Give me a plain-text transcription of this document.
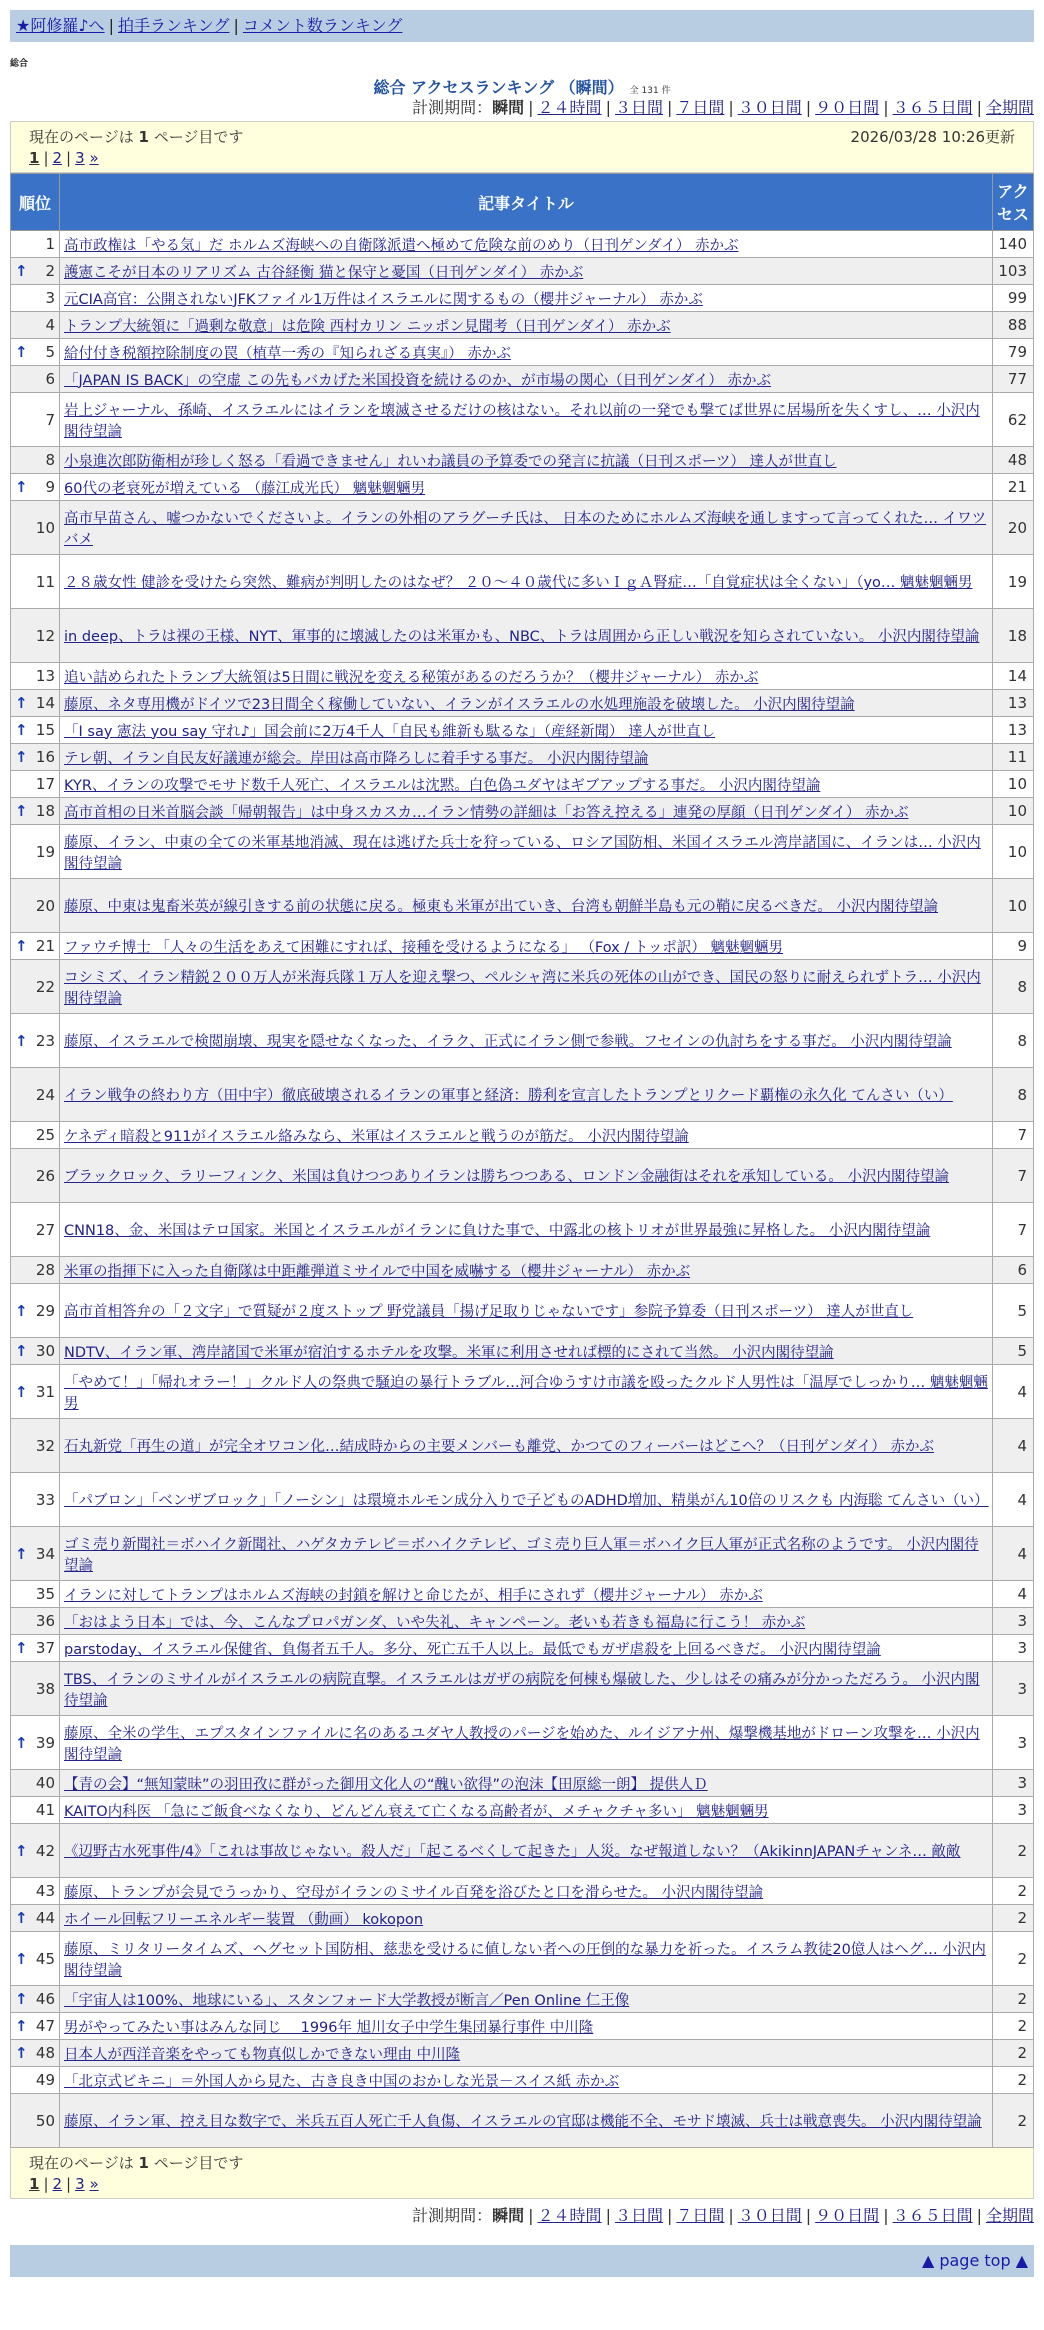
★阿修羅♪へ | 拍手ランキング | コメント数ランキング
総合
総合 アクセスランキング （瞬間） 全 131 件
計測期間：瞬間 | ２４時間 | ３日間 | ７日間 | ３０日間 | ９０日間 | ３６５日間 | 全期間
現在のページは 1 ページ目です	2026/03/28 10:26更新
1 | 2 | 3 »
順位	記事タイトル	アクセス
1	高市政権は「やる気」だ ホルムズ海峡への自衛隊派遣へ極めて危険な前のめり（日刊ゲンダイ） 赤かぶ	140

↑ 2	護憲こそが日本のリアリズム 古谷経衡 猫と保守と憂国（日刊ゲンダイ） 赤かぶ	103
3	元CIA高官：公開されないJFKファイル1万件はイスラエルに関するもの（櫻井ジャーナル） 赤かぶ	99
4	トランプ大統領に「過剰な敬意」は危険 西村カリン ニッポン見聞考（日刊ゲンダイ） 赤かぶ	88

↑ 5	給付付き税額控除制度の罠（植草一秀の『知られざる真実』） 赤かぶ	79
6	「JAPAN IS BACK」の空虚 この先もバカげた米国投資を続けるのか、が市場の関心（日刊ゲンダイ） 赤かぶ	77
7	岩上ジャーナル、孫崎、イスラエルにはイランを壊滅させるだけの核はない。それ以前の一発でも撃てば世界に居場所を失くすし、… 小沢内閣待望論	62
8	小泉進次郎防衛相が珍しく怒る「看過できません」れいわ議員の予算委での発言に抗議（日刊スポーツ） 達人が世直し	48

↑ 9	60代の老衰死が増えている （藤江成光氏） 魑魅魍魎男	21
10	高市早苗さん、嘘つかないでくださいよ。イランの外相のアラグーチ氏は、 日本のためにホルムズ海峡を通しますって言ってくれた… イワツバメ	20
11	２８歳女性 健診を受けたら突然、難病が判明したのはなぜ？ ２０〜４０歳代に多いＩｇＡ腎症…「自覚症状は全くない」（yo… 魑魅魍魎男	19
12	in deep、トラは裸の王様、NYT、軍事的に壊滅したのは米軍かも、NBC、トラは周囲から正しい戦況を知らされていない。 小沢内閣待望論	18
13	追い詰められたトランプ大統領は5日間に戦況を変える秘策があるのだろうか？（櫻井ジャーナル） 赤かぶ	14

↑ 14	藤原、ネタ専用機がドイツで23日間全く稼働していない、イランがイスラエルの水処理施設を破壊した。 小沢内閣待望論	13

↑ 15	「I say 憲法 you say 守れ♪」国会前に2万4千人「自民も維新も駄るな」（産経新聞） 達人が世直し	13

↑ 16	テレ朝、イラン自民友好議連が総会。岸田は高市降ろしに着手する事だ。 小沢内閣待望論	11
17	KYR、イランの攻撃でモサド数千人死亡、イスラエルは沈黙。白色偽ユダヤはギブアップする事だ。 小沢内閣待望論	10

↑ 18	高市首相の日米首脳会談「帰朝報告」は中身スカスカ…イラン情勢の詳細は「お答え控える」連発の厚顔（日刊ゲンダイ） 赤かぶ	10
19	藤原、イラン、中東の全ての米軍基地消滅、現在は逃げた兵士を狩っている、ロシア国防相、米国イスラエル湾岸諸国に、イランは… 小沢内閣待望論	10
20	藤原、中東は鬼畜米英が線引きする前の状態に戻る。極東も米軍が出ていき、台湾も朝鮮半島も元の鞘に戻るべきだ。 小沢内閣待望論	10

↑ 21	ファウチ博士 「人々の生活をあえて困難にすれば、接種を受けるようになる」 （Fox / トッポ訳） 魑魅魍魎男	9
22	コシミズ、イラン精鋭２００万人が米海兵隊１万人を迎え撃つ、ペルシャ湾に米兵の死体の山ができ、国民の怒りに耐えられずトラ… 小沢内閣待望論	8

↑ 23	藤原、イスラエルで検閲崩壊、現実を隠せなくなった、イラク、正式にイラン側で参戦。フセインの仇討ちをする事だ。 小沢内閣待望論	8
24	イラン戦争の終わり方（田中宇）徹底破壊されるイランの軍事と経済：勝利を宣言したトランプとリクード覇権の永久化 てんさい（い）	8
25	ケネディ暗殺と911がイスラエル絡みなら、米軍はイスラエルと戦うのが筋だ。 小沢内閣待望論	7
26	ブラックロック、ラリーフィンク、米国は負けつつありイランは勝ちつつある、ロンドン金融街はそれを承知している。 小沢内閣待望論	7
27	CNN18、金、米国はテロ国家。米国とイスラエルがイランに負けた事で、中露北の核トリオが世界最強に昇格した。 小沢内閣待望論	7
28	米軍の指揮下に入った自衛隊は中距離弾道ミサイルで中国を威嚇する（櫻井ジャーナル） 赤かぶ	6

↑ 29	高市首相答弁の「２文字」で質疑が２度ストップ 野党議員「揚げ足取りじゃないです」参院予算委（日刊スポーツ） 達人が世直し	5

↑ 30	NDTV、イラン軍、湾岸諸国で米軍が宿泊するホテルを攻撃。米軍に利用させれば標的にされて当然。 小沢内閣待望論	5

↑ 31	「やめて！」「帰れオラー！」クルド人の祭典で騒迫の暴行トラブル…河合ゆうすけ市議を殴ったクルド人男性は「温厚でしっかり… 魑魅魍魎男	4
32	石丸新党「再生の道」が完全オワコン化…結成時からの主要メンバーも離党、かつてのフィーバーはどこへ？（日刊ゲンダイ） 赤かぶ	4
33	「パブロン」「ベンザブロック」「ノーシン」は環境ホルモン成分入りで子どものADHD増加、精巣がん10倍のリスクも 内海聡 てんさい（い）	4

↑ 34	ゴミ売り新聞社＝ボハイク新聞社、ハゲタカテレビ＝ボハイクテレビ、ゴミ売り巨人軍＝ボハイク巨人軍が正式名称のようです。 小沢内閣待望論	4
35	イランに対してトランプはホルムズ海峡の封鎖を解けと命じたが、相手にされず（櫻井ジャーナル） 赤かぶ	4
36	「おはよう日本」では、今、こんなプロパガンダ、いや失礼、キャンペーン。老いも若きも福島に行こう！ 赤かぶ	3

↑ 37	parstoday、イスラエル保健省、負傷者五千人。多分、死亡五千人以上。最低でもガザ虐殺を上回るべきだ。 小沢内閣待望論	3
38	TBS、イランのミサイルがイスラエルの病院直撃。イスラエルはガザの病院を何棟も爆破した、少しはその痛みが分かっただろう。 小沢内閣待望論	3

↑ 39	藤原、全米の学生、エプスタインファイルに名のあるユダヤ人教授のパージを始めた、ルイジアナ州、爆撃機基地がドローン攻撃を… 小沢内閣待望論	3
40	【青の会】“無知蒙昧”の羽田孜に群がった御用文化人の“醜い欲得”の泡沫【田原総一朗】 提供人Ｄ	3
41	KAITO内科医 「急にご飯食べなくなり、どんどん衰えて亡くなる高齢者が、メチャクチャ多い」 魑魅魍魎男	3

↑ 42	《辺野古水死事件/4》「これは事故じゃない。殺人だ」「起こるべくして起きた」人災。なぜ報道しない？（AkikinnJAPANチャンネ… 敵敵	2
43	藤原、トランプが会見でうっかり、空母がイランのミサイル百発を浴びたと口を滑らせた。 小沢内閣待望論	2

↑ 44	ホイール回転フリーエネルギー装置 （動画） kokopon	2

↑ 45	藤原、ミリタリータイムズ、ヘグセット国防相、慈悲を受けるに値しない者への圧倒的な暴力を祈った。イスラム教徒20億人はヘグ… 小沢内閣待望論	2

↑ 46	「宇宙人は100%、地球にいる」、スタンフォード大学教授が断言／Pen Online 仁王像	2

↑ 47	男がやってみたい事はみんな同じ ＿1996年 旭川女子中学生集団暴行事件 中川隆	2

↑ 48	日本人が西洋音楽をやっても物真似しかできない理由 中川隆	2
49	「北京式ビキニ」＝外国人から見た、古き良き中国のおかしな光景－スイス紙 赤かぶ	2
50	藤原、イラン軍、控え目な数字で、米兵五百人死亡千人負傷、イスラエルの官邸は機能不全、モサド壊滅、兵士は戦意喪失。 小沢内閣待望論	2
現在のページは 1 ページ目です
1 | 2 | 3 »
計測期間：瞬間 | ２４時間 | ３日間 | ７日間 | ３０日間 | ９０日間 | ３６５日間 | 全期間
▲ page top ▲
